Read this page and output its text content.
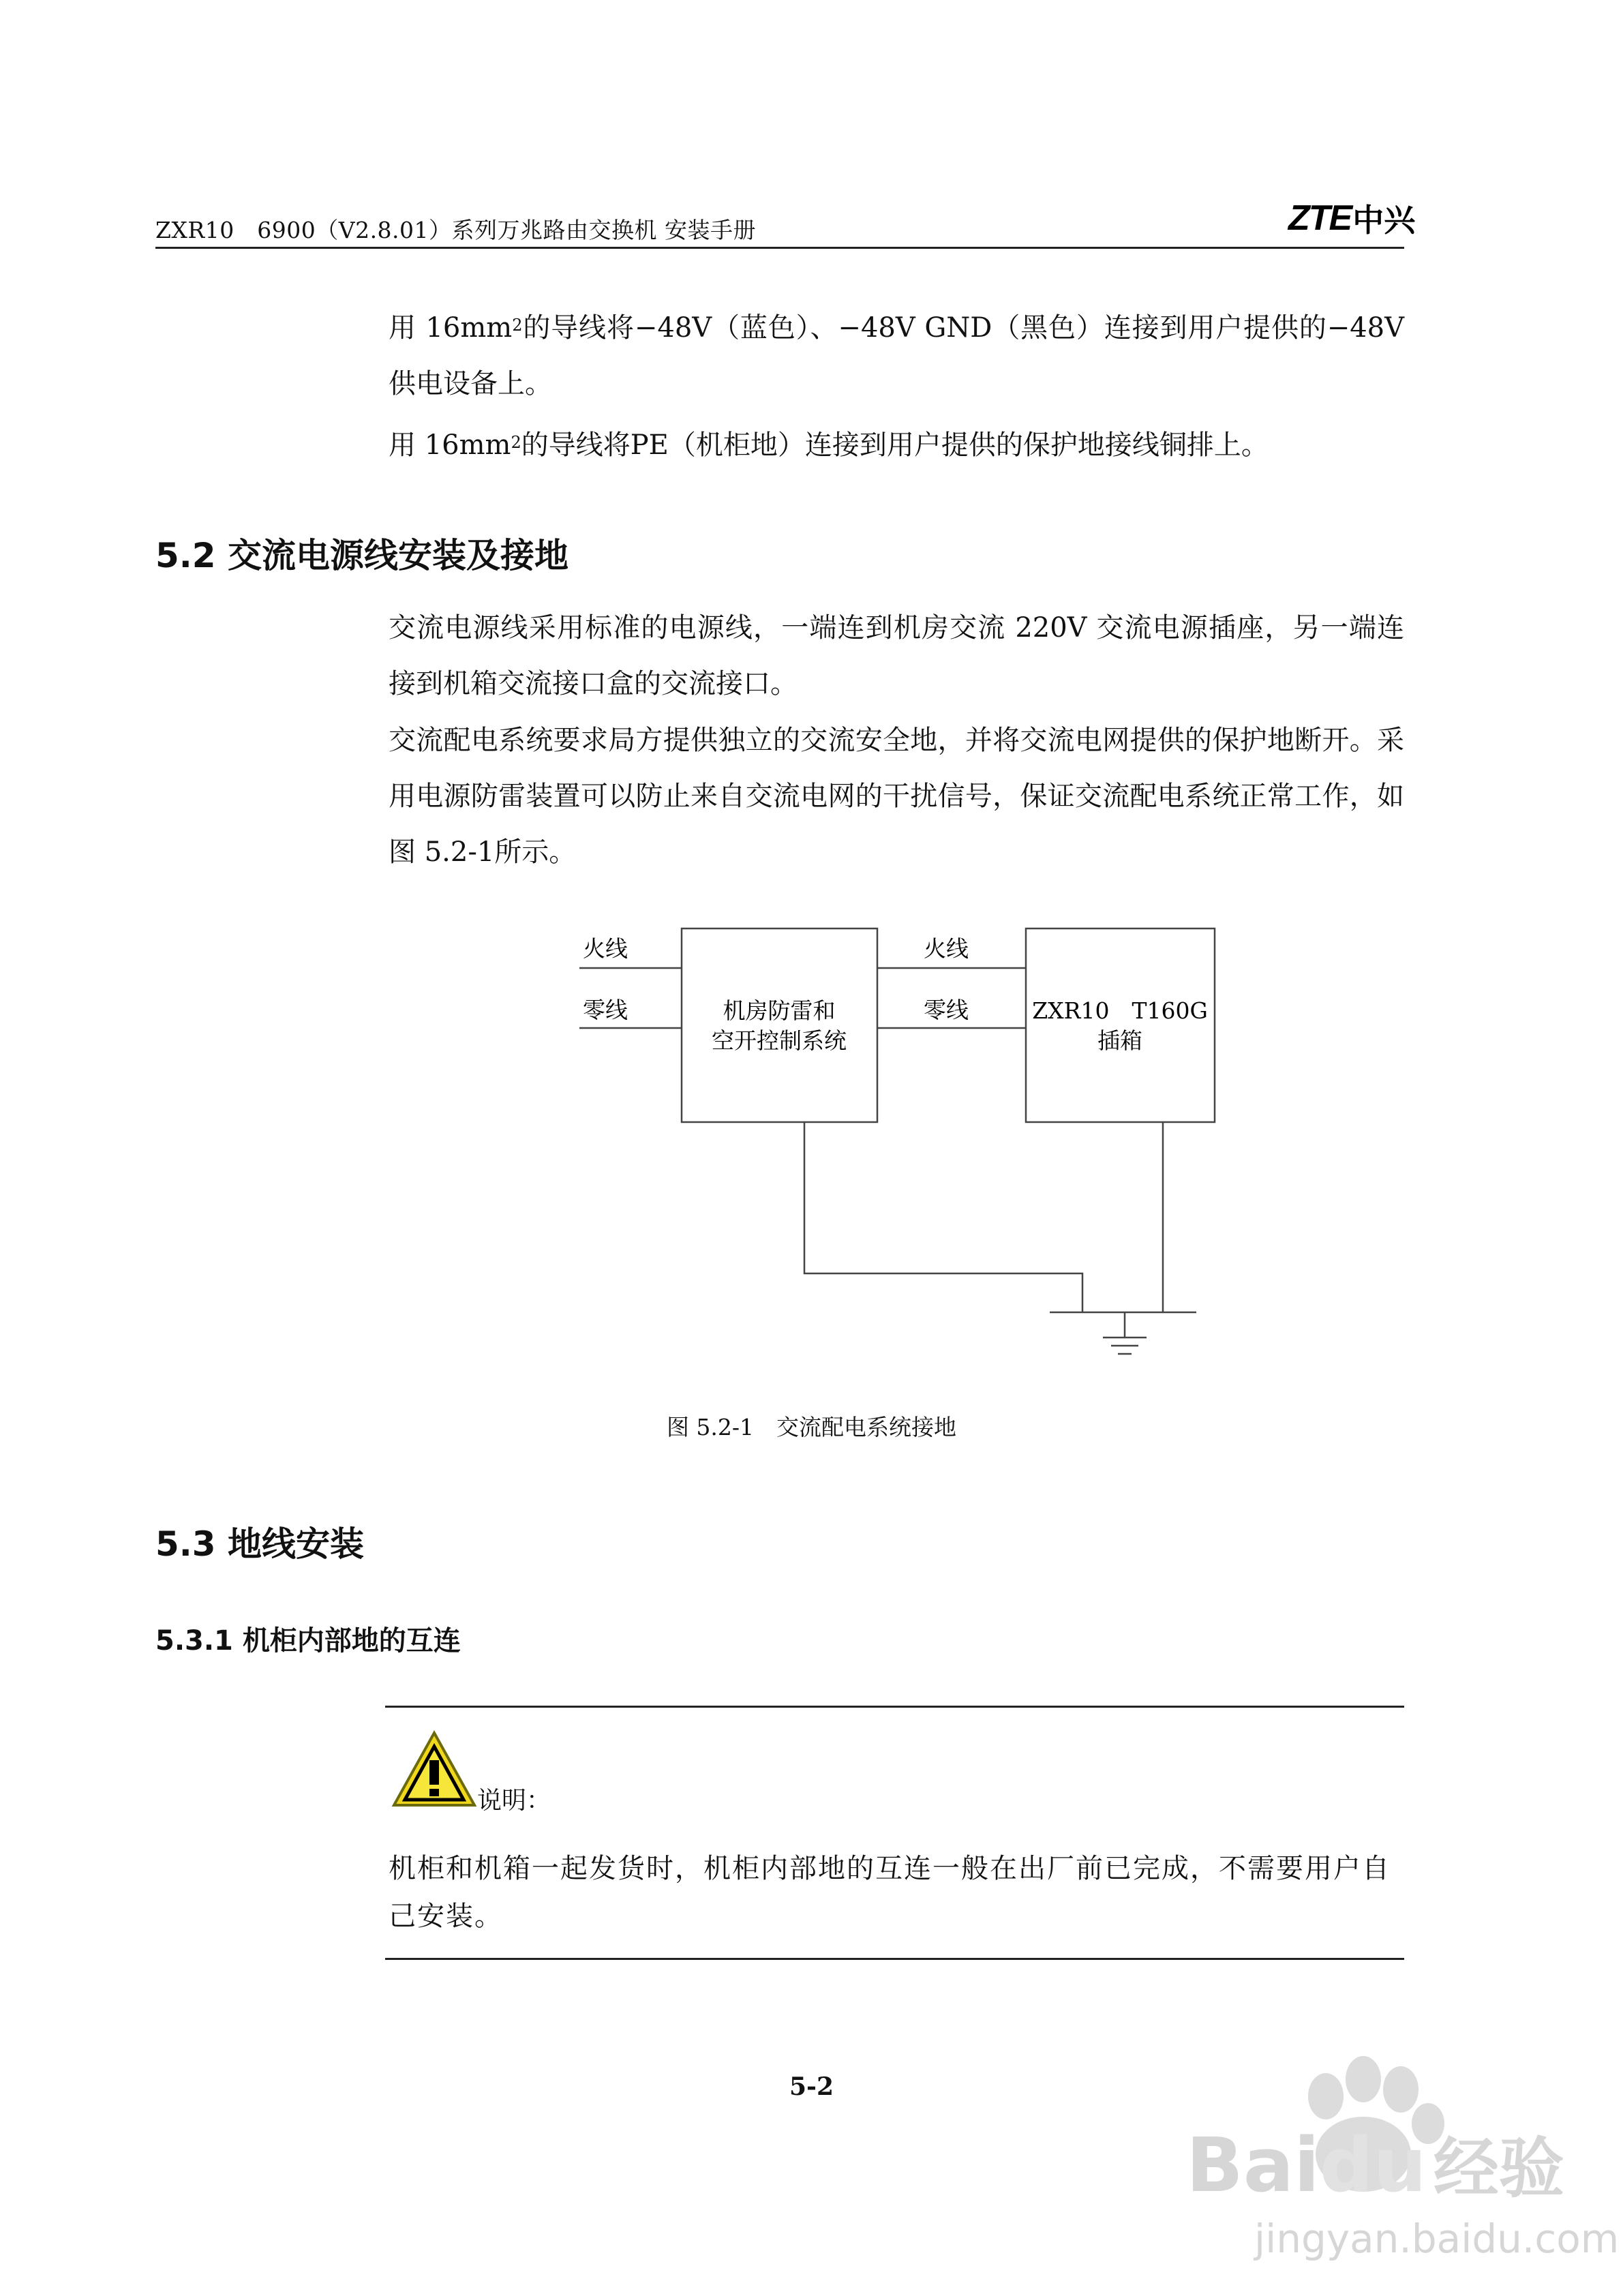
ZXR10　6900（V2.8.01）系列万兆路由交换机 安装手册	ZTE 中兴
用 $16mm^2$的导线将−48V（蓝色）、−48V GND（黑色）连接到用户提供的−48V供电设备上。
用 $16mm^2$的导线将PE（机柜地）连接到用户提供的保护地接线铜排上。
5.2 交流电源线安装及接地
交流电源线采用标准的电源线，一端连到机房交流 220V 交流电源插座，另一端连接到机箱交流接口盒的交流接口。
交流配电系统要求局方提供独立的交流安全地，并将交流电网提供的保护地断开。采用电源防雷装置可以防止来自交流电网的干扰信号，保证交流配电系统正常工作，如图 5.2-1所示。
火线
零线	机房防雷和
空开控制系统
火线
零线	ZXR10　T160G
插箱
图 5.2-1　交流配电系统接地
5.3 地线安装
5.3.1 机柜内部地的互连
说明：
机柜和机箱一起发货时，机柜内部地的互连一般在出厂前已完成，不需要用户自己安装。
5-2
Baidu 经验
jingyan.baidu.com
